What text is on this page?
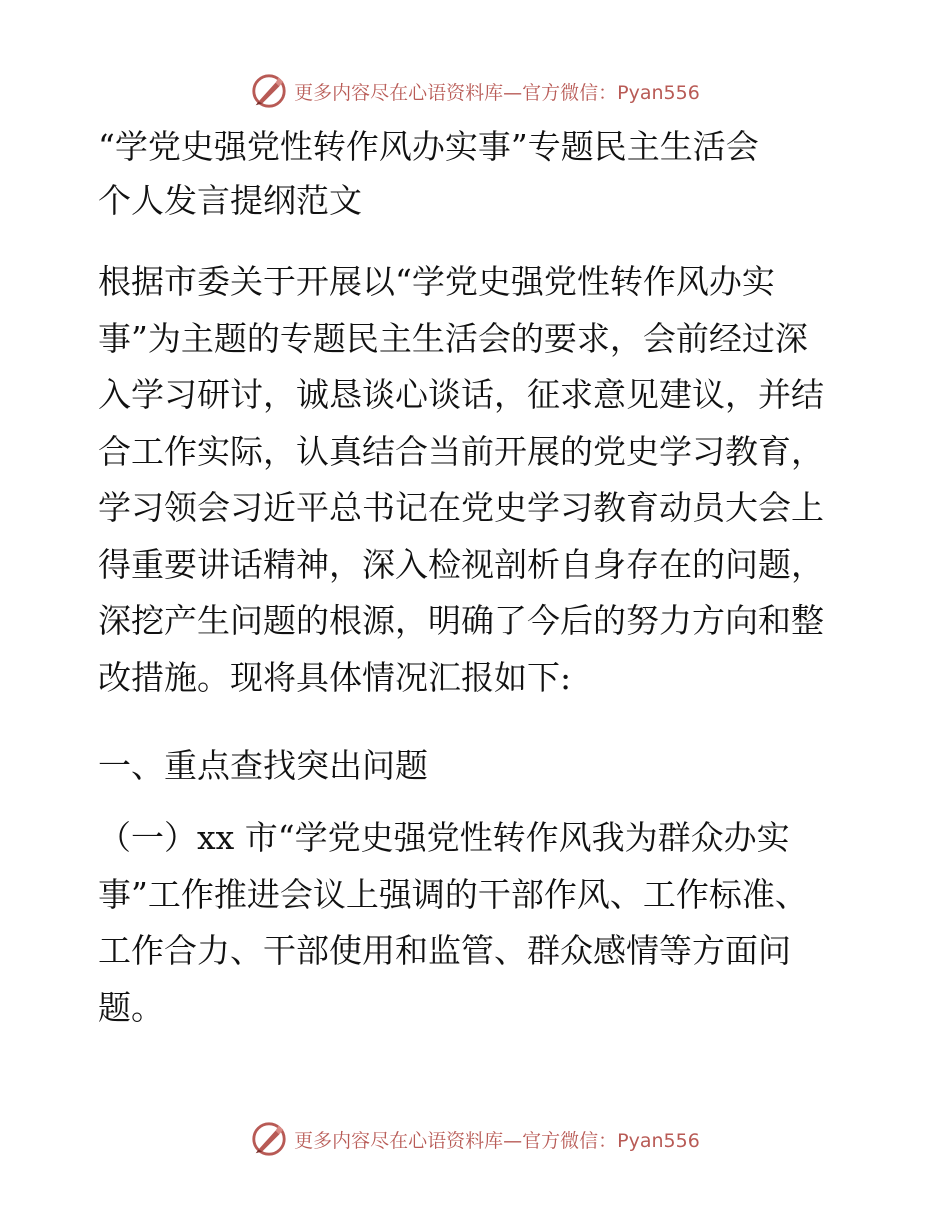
更多内容尽在心语资料库—官方微信：Pyan556
“学党史强党性转作风办实事”专题民主生活会
个人发言提纲范文

根据市委关于开展以“学党史强党性转作风办实
事”为主题的专题民主生活会的要求，会前经过深
入学习研讨，诚恳谈心谈话，征求意见建议，并结
合工作实际，认真结合当前开展的党史学习教育，
学习领会习近平总书记在党史学习教育动员大会上
得重要讲话精神，深入检视剖析自身存在的问题，
深挖产生问题的根源，明确了今后的努力方向和整
改措施。现将具体情况汇报如下:

一、重点查找突出问题

（一）xx 市“学党史强党性转作风我为群众办实
事”工作推进会议上强调的干部作风、工作标准、
工作合力、干部使用和监管、群众感情等方面问
题。

更多内容尽在心语资料库—官方微信：Pyan556
